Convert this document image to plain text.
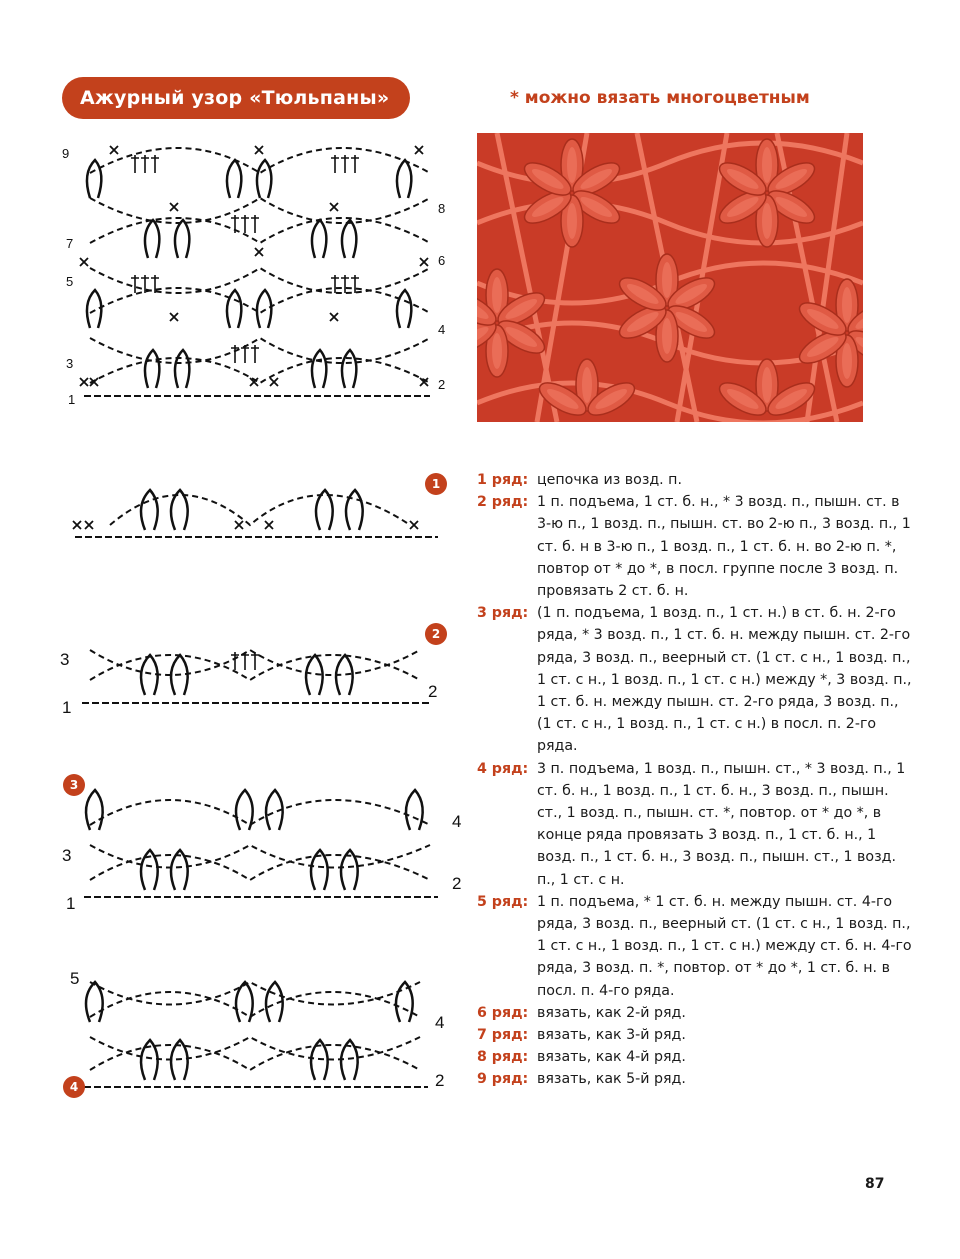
Ажурный узор «Тюльпаны»	* можно вязать многоцветным
9
8
7
6
5
4
3
2
1
1
3
1
2
2
4
3
2
1
3
5
4
2
4
1 ряд: цепочка из возд. п.
2 ряд: 1 п. подъема, 1 ст. б. н., * 3 возд. п., пышн. ст. в 3-ю п., 1 возд. п., пышн. ст. во 2-ю п., 3 возд. п., 1 ст. б. н в 3-ю п., 1 возд. п., 1 ст. б. н. во 2-ю п. *, повтор от * до *, в посл. группе после 3 возд. п. провязать 2 ст. б. н.
3 ряд: (1 п. подъема, 1 возд. п., 1 ст. н.) в ст. б. н. 2-го ряда, * 3 возд. п., 1 ст. б. н. между пышн. ст. 2-го ряда, 3 возд. п., веерный ст. (1 ст. с н., 1 возд. п., 1 ст. с н., 1 возд. п., 1 ст. с н.) между *, 3 возд. п., 1 ст. б. н. между пышн. ст. 2-го ряда, 3 возд. п., (1 ст. с н., 1 возд. п., 1 ст. с н.) в посл. п. 2-го ряда.
4 ряд: 3 п. подъема, 1 возд. п., пышн. ст., * 3 возд. п., 1 ст. б. н., 1 возд. п., 1 ст. б. н., 3 возд. п., пышн. ст., 1 возд. п., пышн. ст. *, повтор. от * до *, в конце ряда провязать 3 возд. п., 1 ст. б. н., 1 возд. п., 1 ст. б. н., 3 возд. п., пышн. ст., 1 возд. п., 1 ст. с н.
5 ряд: 1 п. подъема, * 1 ст. б. н. между пышн. ст. 4-го ряда, 3 возд. п., веерный ст. (1 ст. с н., 1 возд. п., 1 ст. с н., 1 возд. п., 1 ст. с н.) между ст. б. н. 4-го ряда, 3 возд. п. *, повтор. от * до *, 1 ст. б. н. в посл. п. 4-го ряда.
6 ряд: вязать, как 2-й ряд.
7 ряд: вязать, как 3-й ряд.
8 ряд: вязать, как 4-й ряд.
9 ряд: вязать, как 5-й ряд.
87
